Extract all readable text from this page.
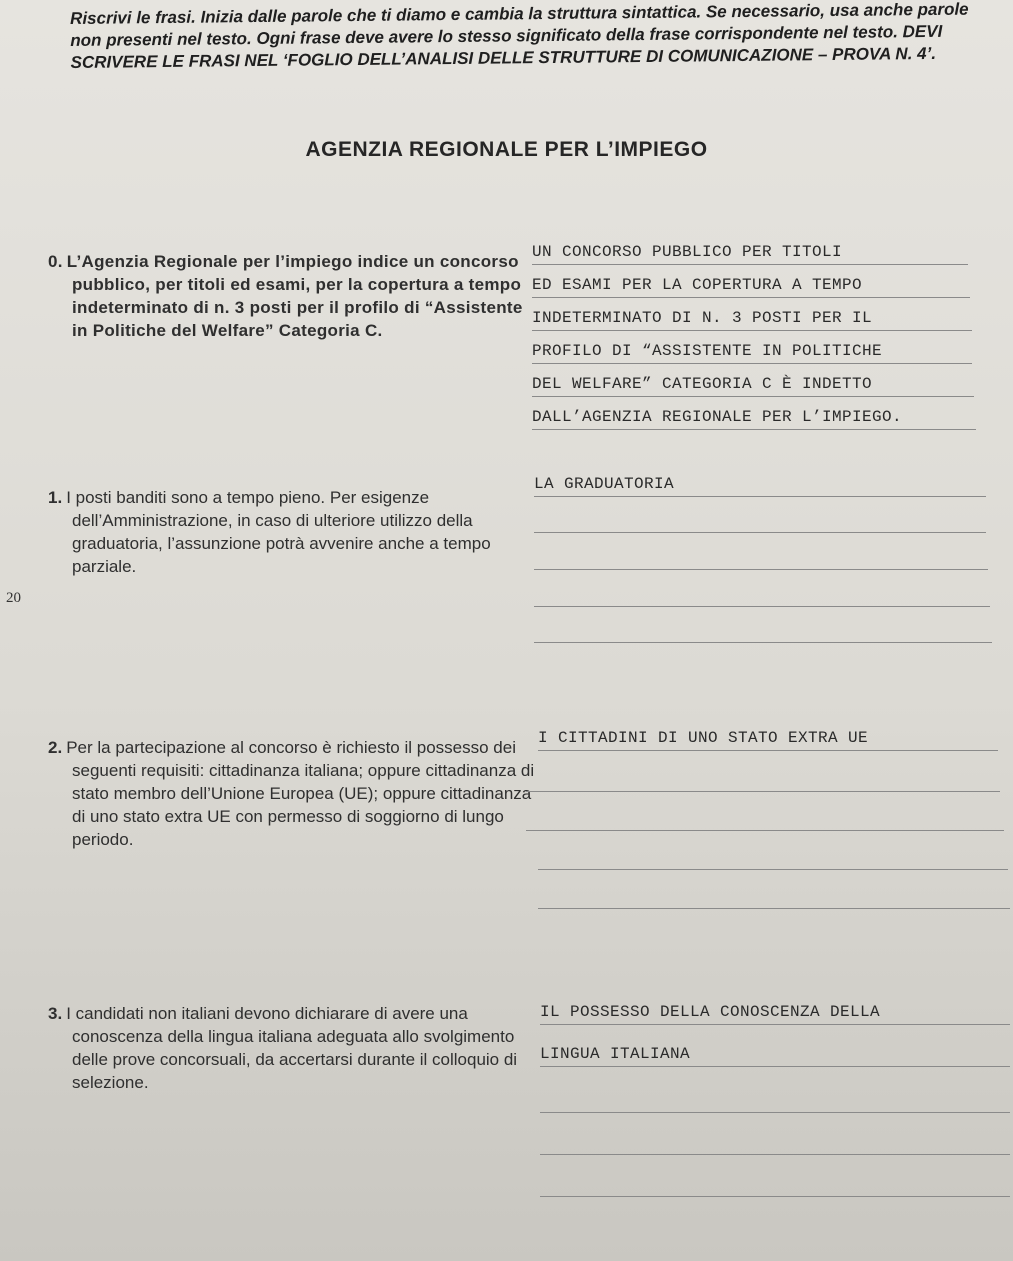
Riscrivi le frasi. Inizia dalle parole che ti diamo e cambia la struttura sintattica. Se necessario, usa anche parole non presenti nel testo. Ogni frase deve avere lo stesso significato della frase corrispondente nel testo. DEVI SCRIVERE LE FRASI NEL ‘FOGLIO DELL’ANALISI DELLE STRUTTURE DI COMUNICAZIONE – PROVA N. 4’.
AGENZIA REGIONALE PER L’IMPIEGO
20
0. L’Agenzia Regionale per l’impiego indice un concorso pubblico, per titoli ed esami, per la copertura a tempo indeterminato di n. 3 posti per il profilo di “Assistente in Politiche del Welfare” Categoria C.
UN CONCORSO PUBBLICO PER TITOLI
ED ESAMI PER LA COPERTURA A TEMPO
INDETERMINATO DI N. 3 POSTI PER IL
PROFILO DI “ASSISTENTE IN POLITICHE
DEL WELFARE” CATEGORIA C È INDETTO
DALL’AGENZIA REGIONALE PER L’IMPIEGO.
1. I posti banditi sono a tempo pieno. Per esigenze dell’Amministrazione, in caso di ulteriore utilizzo della graduatoria, l’assunzione potrà avvenire anche a tempo parziale.
LA GRADUATORIA
2. Per la partecipazione al concorso è richiesto il possesso dei seguenti requisiti: cittadinanza italiana; oppure cittadinanza di stato membro dell’Unione Europea (UE); oppure cittadinanza di uno stato extra UE con permesso di soggiorno di lungo periodo.
I CITTADINI DI UNO STATO EXTRA UE
3. I candidati non italiani devono dichiarare di avere una conoscenza della lingua italiana adeguata allo svolgimento delle prove concorsuali, da accertarsi durante il colloquio di selezione.
IL POSSESSO DELLA CONOSCENZA DELLA
LINGUA ITALIANA
